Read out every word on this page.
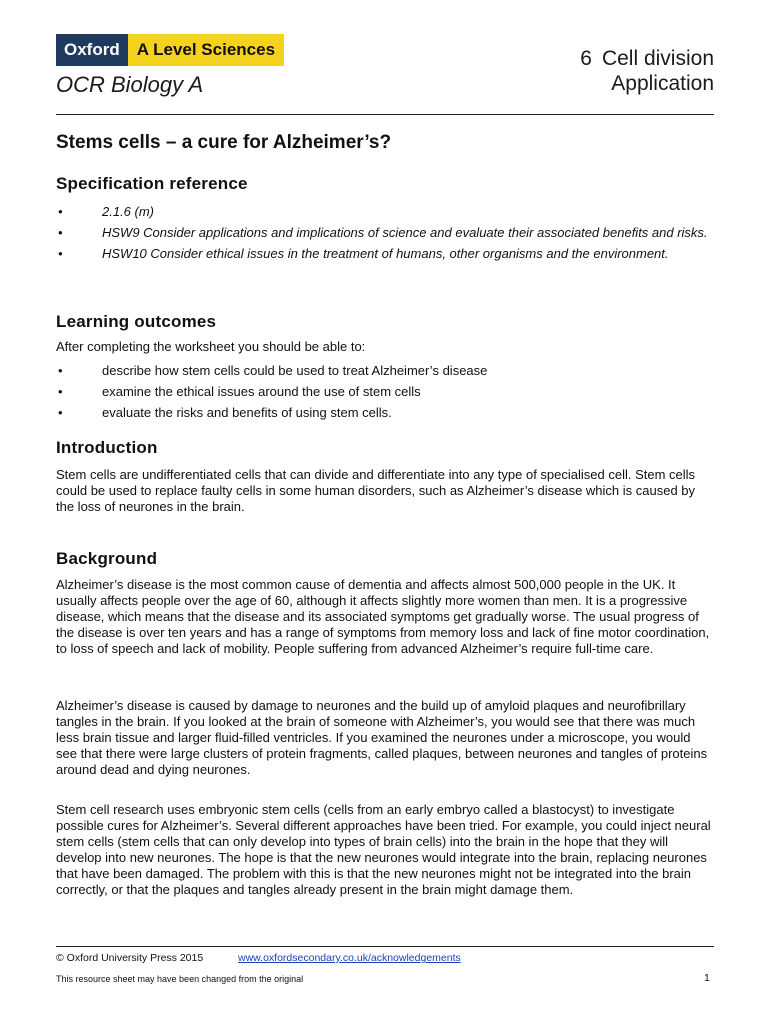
Oxford	A Level Sciences
OCR Biology A
6 Cell division
Application
Stems cells – a cure for Alzheimer’s?
Specification reference
• 2.1.6 (m)
• HSW9 Consider applications and implications of science and evaluate their associated benefits and risks.
• HSW10 Consider ethical issues in the treatment of humans, other organisms and the environment.
Learning outcomes

After completing the worksheet you should be able to:

• describe how stem cells could be used to treat Alzheimer’s disease
• examine the ethical issues around the use of stem cells
• evaluate the risks and benefits of using stem cells.
Introduction

Stem cells are undifferentiated cells that can divide and differentiate into any type of specialised cell. Stem cells could be used to replace faulty cells in some human disorders, such as Alzheimer’s disease which is caused by the loss of neurones in the brain.

Background

Alzheimer’s disease is the most common cause of dementia and affects almost 500,000 people in the UK. It usually affects people over the age of 60, although it affects slightly more women than men. It is a progressive disease, which means that the disease and its associated symptoms get gradually worse. The usual progress of the disease is over ten years and has a range of symptoms from memory loss and lack of fine motor coordination, to loss of speech and lack of mobility. People suffering from advanced Alzheimer’s require full-time care.

Alzheimer’s disease is caused by damage to neurones and the build up of amyloid plaques and neurofibrillary tangles in the brain. If you looked at the brain of someone with Alzheimer’s, you would see that there was much less brain tissue and larger fluid-filled ventricles. If you examined the neurones under a microscope, you would see that there were large clusters of protein fragments, called plaques, between neurones and tangles of proteins around dead and dying neurones.

Stem cell research uses embryonic stem cells (cells from an early embryo called a blastocyst) to investigate possible cures for Alzheimer’s. Several different approaches have been tried. For example, you could inject neural stem cells (stem cells that can only develop into types of brain cells) into the brain in the hope that they will develop into new neurones. The hope is that the new neurones would integrate into the brain, replacing neurones that have been damaged. The problem with this is that the new neurones might not be integrated into the brain correctly, or that the plaques and tangles already present in the brain might damage them.

© Oxford University Press 2015	www.oxfordsecondary.co.uk/acknowledgements
This resource sheet may have been changed from the original	1
